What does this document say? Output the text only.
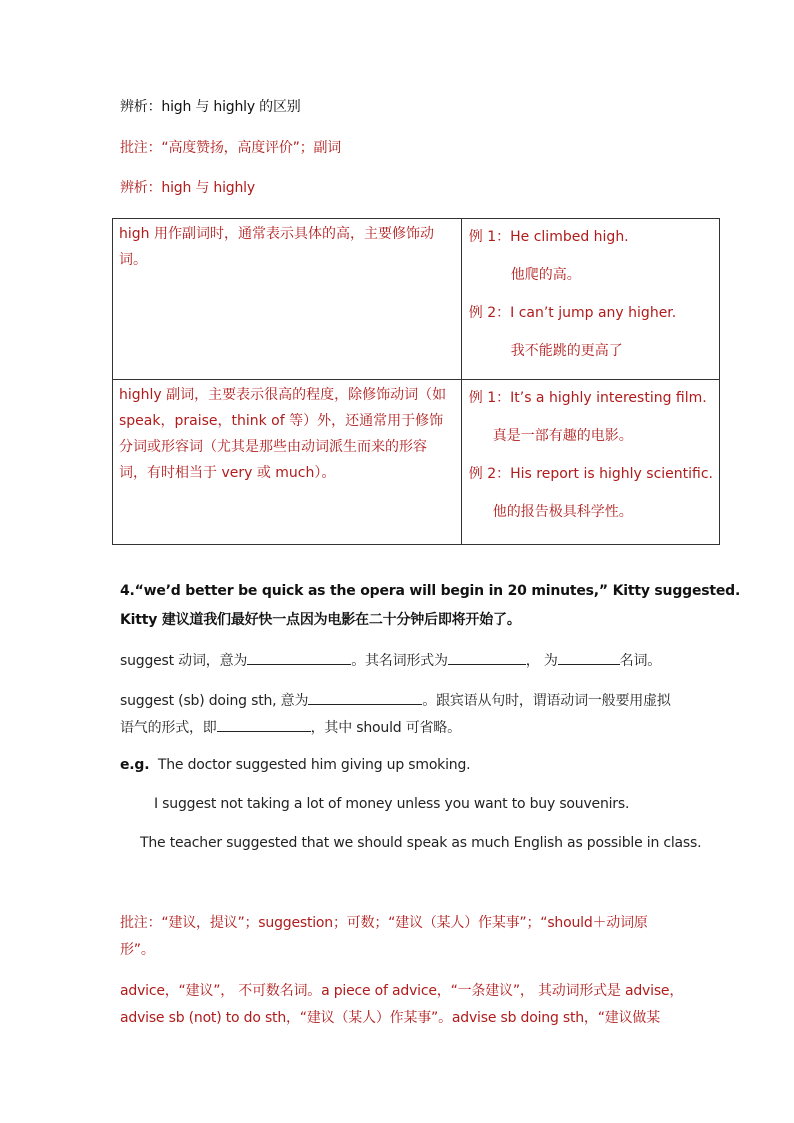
辨析：high 与 highly 的区别
批注：“高度赞扬，高度评价”；副词
辨析：high 与 highly
high 用作副词时，通常表示具体的高，主要修饰动词。	例 1：He climbed high.
他爬的高。
例 2：I can’t jump any higher.
我不能跳的更高了

highly 副词，主要表示很高的程度，除修饰动词（如speak，praise，think of 等）外，还通常用于修饰分词或形容词（尤其是那些由动词派生而来的形容词，有时相当于 very 或 much）。	例 1：It’s a highly interesting film.
真是一部有趣的电影。
例 2：His report is highly scientific.
他的报告极具科学性。
4.“we’d better be quick as the opera will begin in 20 minutes,” Kitty suggested.
Kitty 建议道我们最好快一点因为电影在二十分钟后即将开始了。
suggest 动词，意为	。其名词形式为	， 为	名词。
suggest (sb) doing sth, 意为	。跟宾语从句时，谓语动词一般要用虚拟
语气的形式，即	，其中 should 可省略。
e.g. The doctor suggested him giving up smoking.
I suggest not taking a lot of money unless you want to buy souvenirs.
The teacher suggested that we should speak as much English as possible in class.
批注：“建议，提议”；suggestion；可数；“建议（某人）作某事”；“should＋动词原
形”。
advice，“建议”， 不可数名词。a piece of advice，“一条建议”， 其动词形式是 advise，
advise sb (not) to do sth，“建议（某人）作某事”。advise sb doing sth，“建议做某
